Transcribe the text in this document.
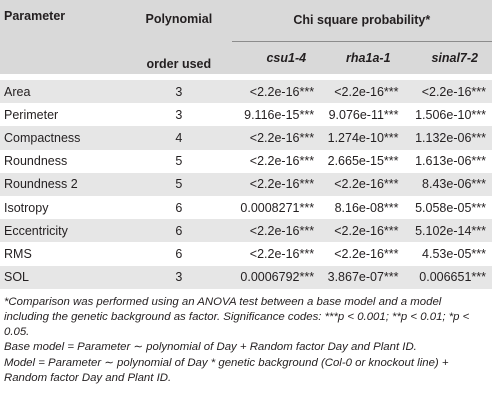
Parameter	Polynomial

order used	Chi square probability*		
		csu1-4	rha1a-1	sinal7-2

Area	3	<2.2e-16***	<2.2e-16***	<2.2e-16***
Perimeter	3	9.116e-15***	9.076e-11***	1.506e-10***
Compactness	4	<2.2e-16***	1.274e-10***	1.132e-06***
Roundness	5	<2.2e-16***	2.665e-15***	1.613e-06***
Roundness 2	5	<2.2e-16***	<2.2e-16***	8.43e-06***
Isotropy	6	0.0008271***	8.16e-08***	5.058e-05***
Eccentricity	6	<2.2e-16***	<2.2e-16***	5.102e-14***
RMS	6	<2.2e-16***	<2.2e-16***	4.53e-05***
SOL	3	0.0006792***	3.867e-07***	0.006651***

*Comparison was performed using an ANOVA test between a base model and a model including the genetic background as factor. Significance codes: ***p < 0.001; **p < 0.01; *p < 0.05.

Base model = Parameter ∼ polynomial of Day + Random factor Day and Plant ID.

Model = Parameter ∼ polynomial of Day * genetic background (Col-0 or knockout line) + Random factor Day and Plant ID.
